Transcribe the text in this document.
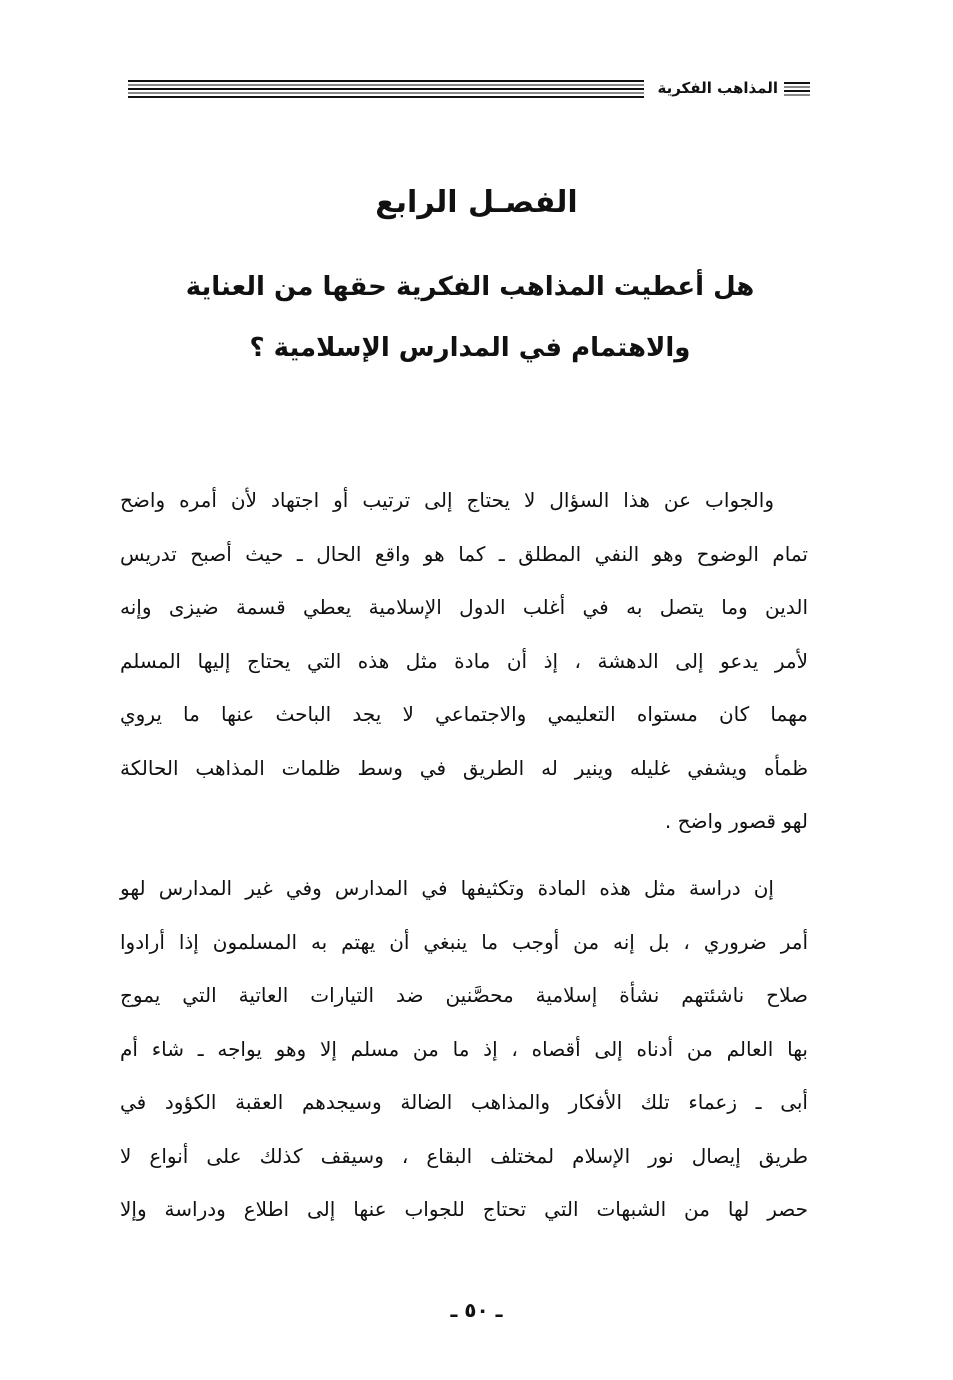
المذاهب الفكرية
الفصـل الرابع
هل أعطيت المذاهب الفكرية حقها من العناية
والاهتمام في المدارس الإسلامية ؟
والجواب عن هذا السؤال لا يحتاج إلى ترتيب أو اجتهاد لأن أمره واضح
تمام الوضوح وهو النفي المطلق ـ كما هو واقع الحال ـ حيث أصبح تدريس
الدين وما يتصل به في أغلب الدول الإسلامية يعطي قسمة ضيزى وإنه
لأمر يدعو إلى الدهشة ، إذ أن مادة مثل هذه التي يحتاج إليها المسلم
مهما كان مستواه التعليمي والاجتماعي لا يجد الباحث عنها ما يروي
ظمأه ويشفي غليله وينير له الطريق في وسط ظلمات المذاهب الحالكة
لهو قصور واضح .
إن دراسة مثل هذه المادة وتكثيفها في المدارس وفي غير المدارس لهو
أمر ضروري ، بل إنه من أوجب ما ينبغي أن يهتم به المسلمون إذا أرادوا
صلاح ناشئتهم نشأة إسلامية محصَّنين ضد التيارات العاتية التي يموج
بها العالم من أدناه إلى أقصاه ، إذ ما من مسلم إلا وهو يواجه ـ شاء أم
أبى ـ زعماء تلك الأفكار والمذاهب الضالة وسيجدهم العقبة الكؤود في
طريق إيصال نور الإسلام لمختلف البقاع ، وسيقف كذلك على أنواع لا
حصر لها من الشبهات التي تحتاج للجواب عنها إلى اطلاع ودراسة وإلا
ـ ٥٠ ـ
